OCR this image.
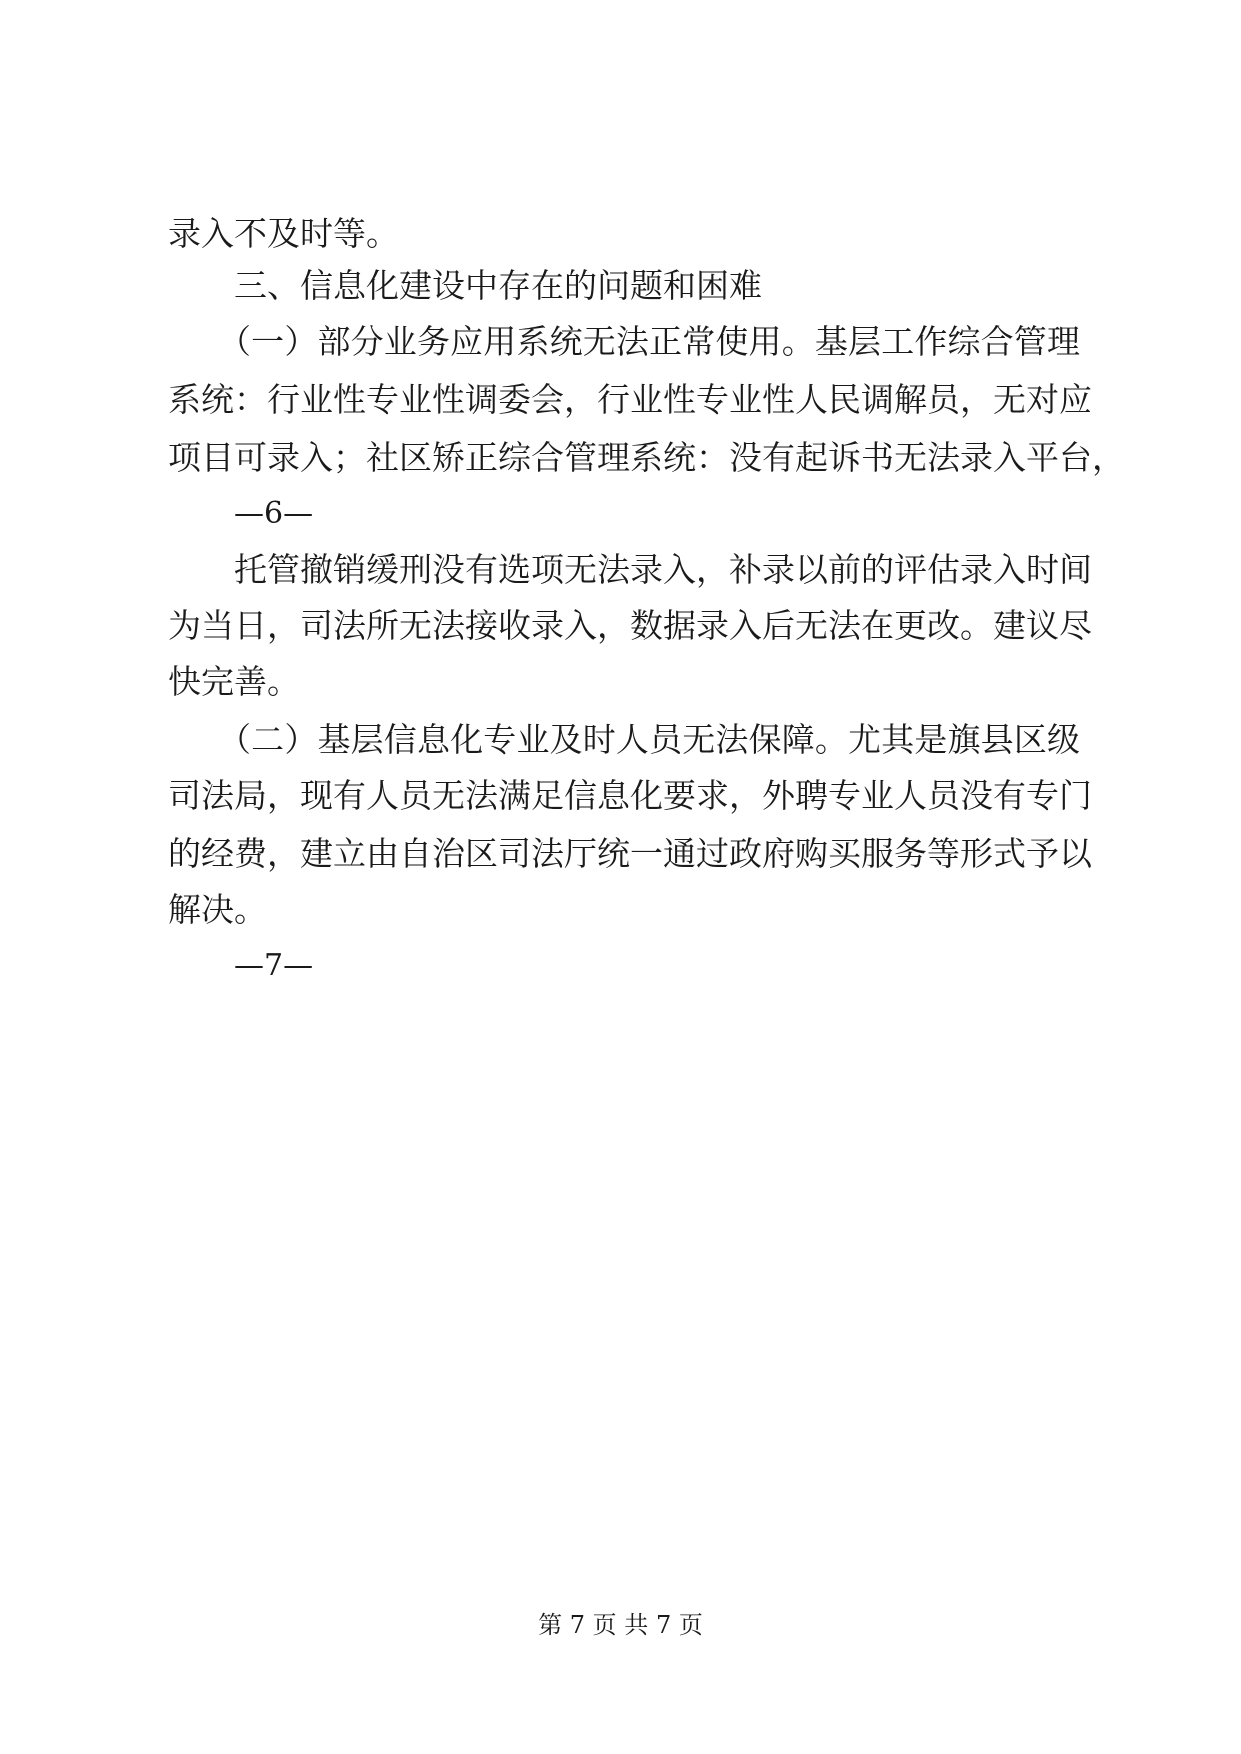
录入不及时等。
三、信息化建设中存在的问题和困难
（一）部分业务应用系统无法正常使用。基层工作综合管理
系统：行业性专业性调委会，行业性专业性人民调解员，无对应
项目可录入；社区矫正综合管理系统：没有起诉书无法录入平台，
—6—
托管撤销缓刑没有选项无法录入，补录以前的评估录入时间
为当日，司法所无法接收录入，数据录入后无法在更改。建议尽
快完善。
（二）基层信息化专业及时人员无法保障。尤其是旗县区级
司法局，现有人员无法满足信息化要求，外聘专业人员没有专门
的经费，建立由自治区司法厅统一通过政府购买服务等形式予以
解决。
—7—
第 7 页 共 7 页
